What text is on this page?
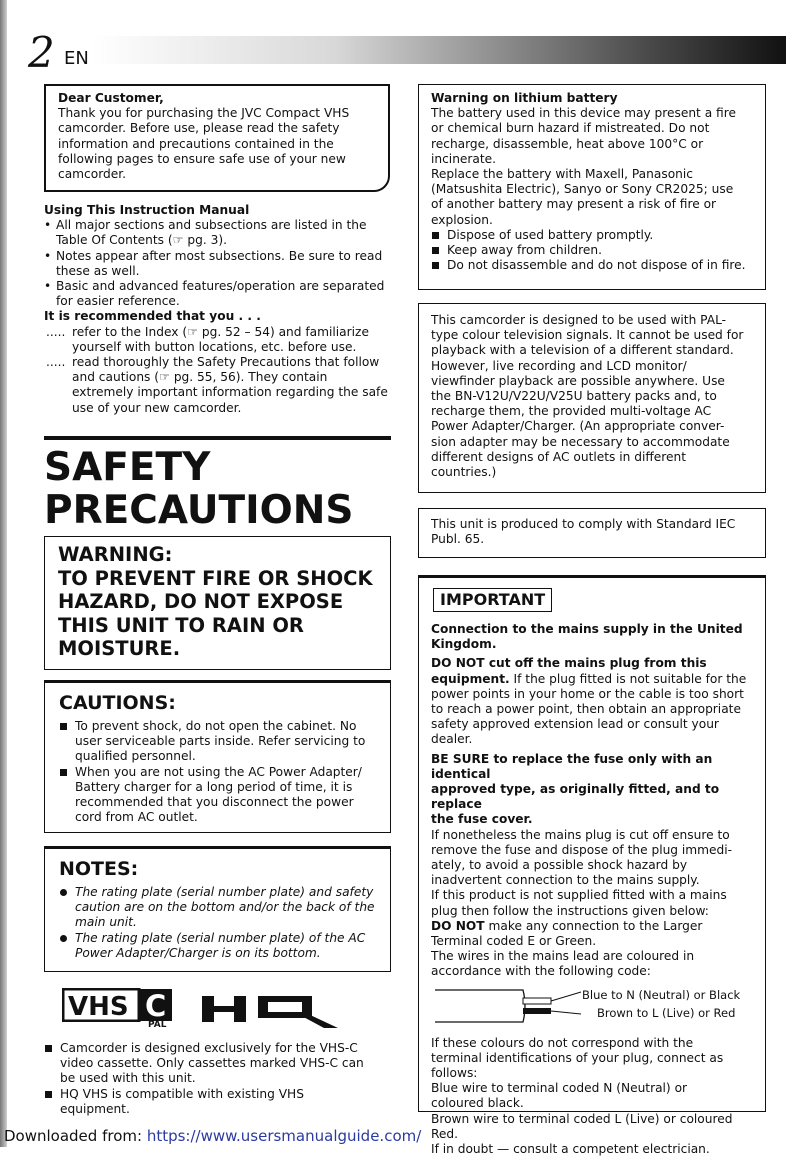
2 EN
Dear Customer,
Thank you for purchasing the JVC Compact VHS
camcorder. Before use, please read the safety
information and precautions contained in the
following pages to ensure safe use of your new
camcorder.
Using This Instruction Manual
• All major sections and subsections are listed in the
Table Of Contents (☞ pg. 3).
• Notes appear after most subsections. Be sure to read
these as well.
• Basic and advanced features/operation are separated
for easier reference.
It is recommended that you . . .
..... refer to the Index (☞ pg. 52 – 54) and familiarize
yourself with button locations, etc. before use.
..... read thoroughly the Safety Precautions that follow
and cautions (☞ pg. 55, 56). They contain
extremely important information regarding the safe
use of your new camcorder.
SAFETY
PRECAUTIONS
WARNING:
TO PREVENT FIRE OR SHOCK
HAZARD, DO NOT EXPOSE
THIS UNIT TO RAIN OR
MOISTURE.
CAUTIONS:
To prevent shock, do not open the cabinet. No
user serviceable parts inside. Refer servicing to
qualified personnel.
When you are not using the AC Power Adapter/
Battery charger for a long period of time, it is
recommended that you disconnect the power
cord from AC outlet.
NOTES:
The rating plate (serial number plate) and safety
caution are on the bottom and/or the back of the
main unit.
The rating plate (serial number plate) of the AC
Power Adapter/Charger is on its bottom.
VHS C
PAL
Camcorder is designed exclusively for the VHS-C
video cassette. Only cassettes marked VHS-C can
be used with this unit.
HQ VHS is compatible with existing VHS
equipment.
Warning on lithium battery
The battery used in this device may present a fire
or chemical burn hazard if mistreated. Do not
recharge, disassemble, heat above 100°C or
incinerate.
Replace the battery with Maxell, Panasonic
(Matsushita Electric), Sanyo or Sony CR2025; use
of another battery may present a risk of fire or
explosion.
Dispose of used battery promptly.
Keep away from children.
Do not disassemble and do not dispose of in fire.
This camcorder is designed to be used with PAL-
type colour television signals. It cannot be used for
playback with a television of a different standard.
However, live recording and LCD monitor/
viewfinder playback are possible anywhere. Use
the BN-V12U/V22U/V25U battery packs and, to
recharge them, the provided multi-voltage AC
Power Adapter/Charger. (An appropriate conver-
sion adapter may be necessary to accommodate
different designs of AC outlets in different
countries.)
This unit is produced to comply with Standard IEC
Publ. 65.
IMPORTANT

Connection to the mains supply in the United
Kingdom.

DO NOT cut off the mains plug from this
equipment. If the plug fitted is not suitable for the
power points in your home or the cable is too short
to reach a power point, then obtain an appropriate
safety approved extension lead or consult your
dealer.

BE SURE to replace the fuse only with an identical
approved type, as originally fitted, and to replace
the fuse cover.
If nonetheless the mains plug is cut off ensure to
remove the fuse and dispose of the plug immedi-
ately, to avoid a possible shock hazard by
inadvertent connection to the mains supply.
If this product is not supplied fitted with a mains
plug then follow the instructions given below:
DO NOT make any connection to the Larger
Terminal coded E or Green.
The wires in the mains lead are coloured in
accordance with the following code:
Blue to N (Neutral) or Black
Brown to L (Live) or Red
If these colours do not correspond with the
terminal identifications of your plug, connect as
follows:
Blue wire to terminal coded N (Neutral) or
coloured black.
Brown wire to terminal coded L (Live) or coloured
Red.
If in doubt — consult a competent electrician.
Downloaded from: https://www.usersmanualguide.com/
